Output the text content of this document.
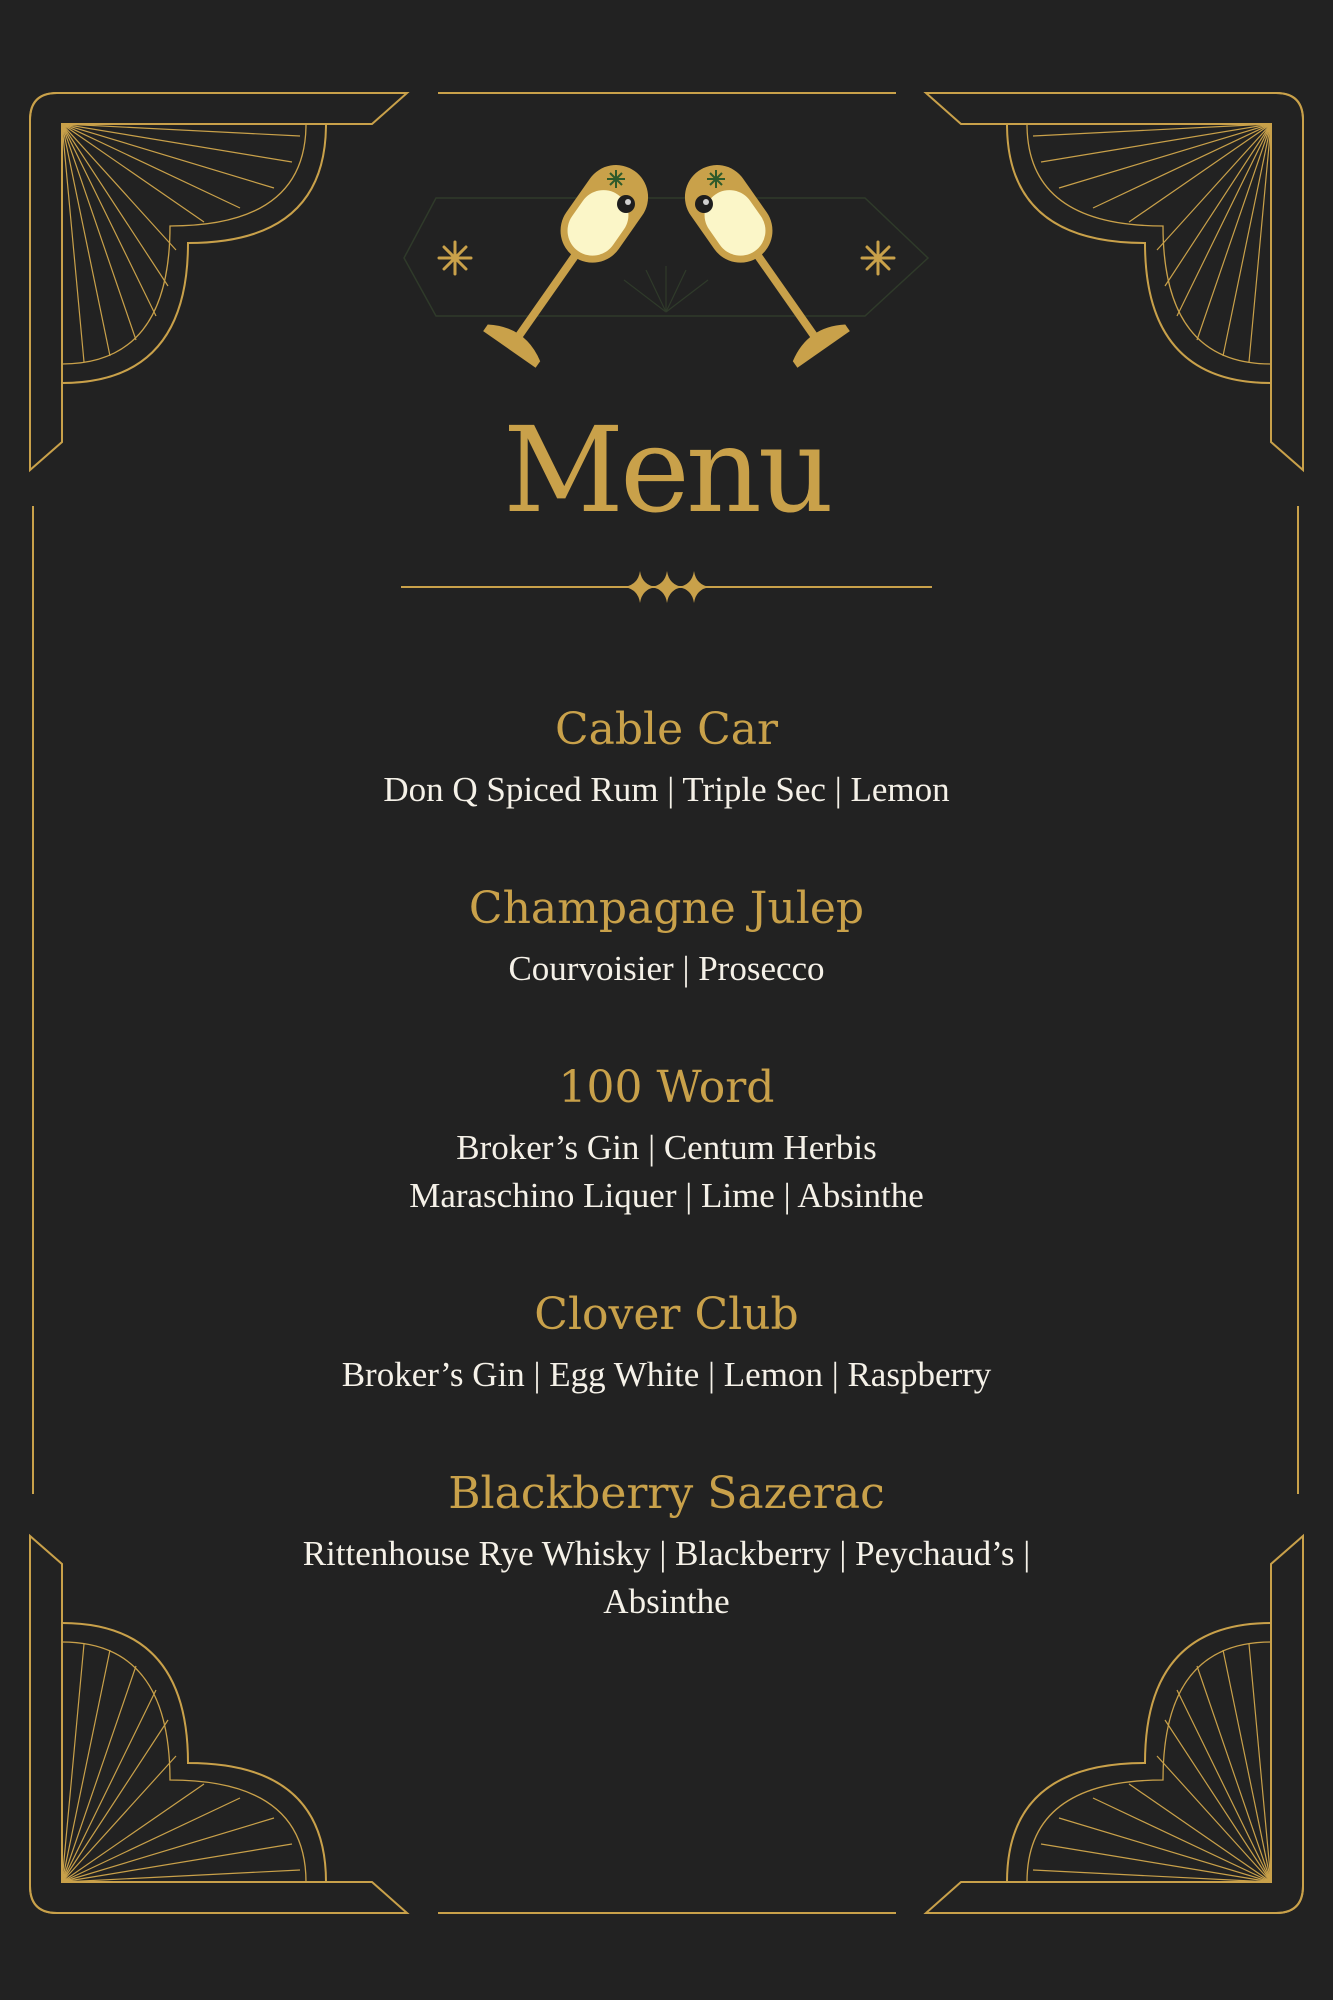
Menu
Cable Car
Don Q Spiced Rum | Triple Sec | Lemon
Champagne Julep
Courvoisier | Prosecco
100 Word
Broker’s Gin | Centum Herbis
Maraschino Liquer | Lime | Absinthe
Clover Club
Broker’s Gin | Egg White | Lemon | Raspberry
Blackberry Sazerac
Rittenhouse Rye Whisky | Blackberry | Peychaud’s |
Absinthe
